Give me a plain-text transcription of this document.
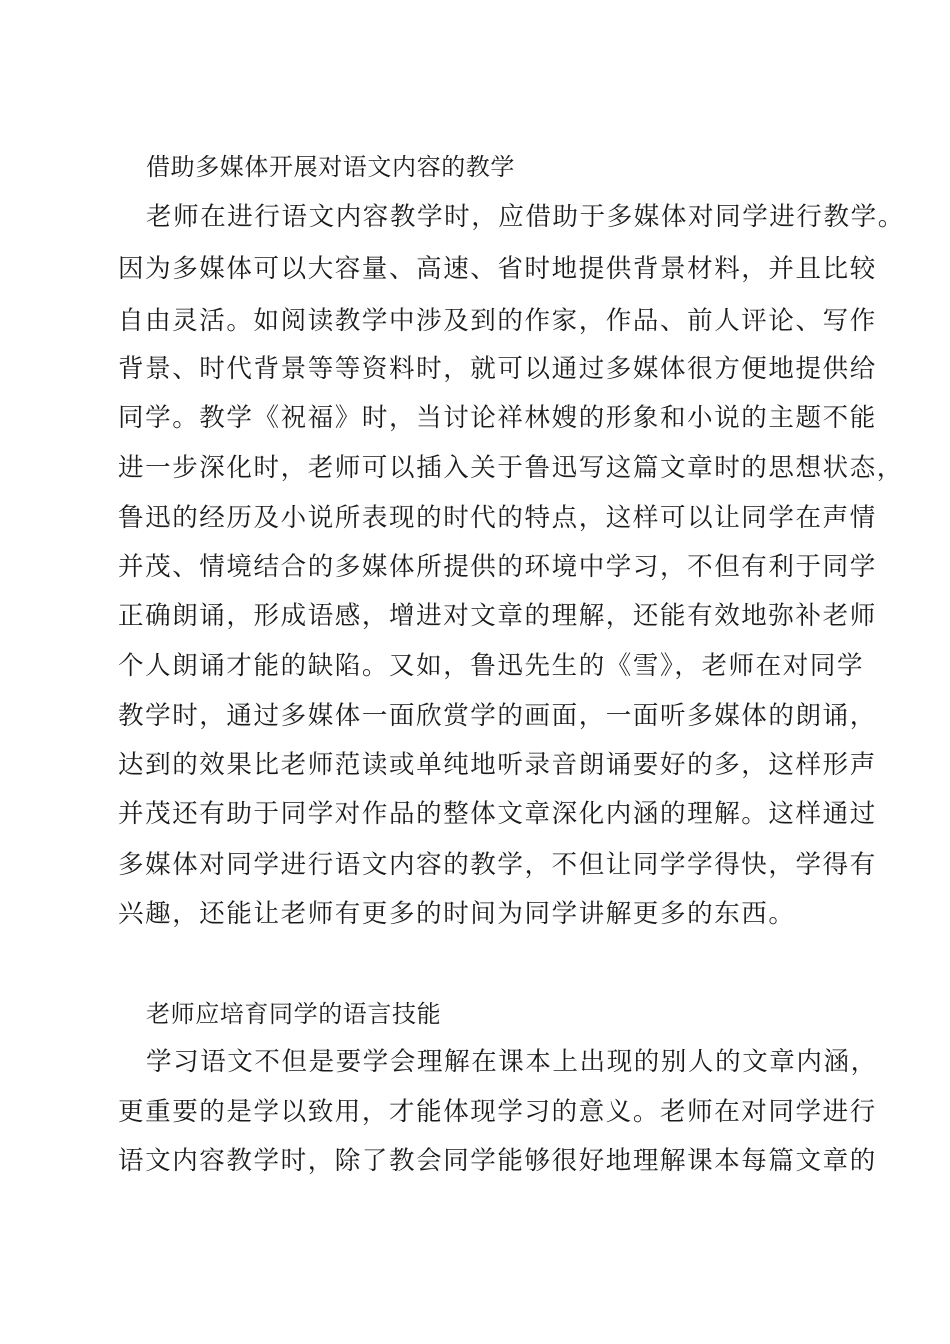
借助多媒体开展对语文内容的教学
老师在进行语文内容教学时，应借助于多媒体对同学进行教学。
因为多媒体可以大容量、高速、省时地提供背景材料，并且比较
自由灵活。如阅读教学中涉及到的作家，作品、前人评论、写作
背景、时代背景等等资料时，就可以通过多媒体很方便地提供给
同学。教学《祝福》时，当讨论祥林嫂的形象和小说的主题不能
进一步深化时，老师可以插入关于鲁迅写这篇文章时的思想状态，
鲁迅的经历及小说所表现的时代的特点，这样可以让同学在声情
并茂、情境结合的多媒体所提供的环境中学习，不但有利于同学
正确朗诵，形成语感，增进对文章的理解，还能有效地弥补老师
个人朗诵才能的缺陷。又如，鲁迅先生的《雪》，老师在对同学
教学时，通过多媒体一面欣赏学的画面，一面听多媒体的朗诵，
达到的效果比老师范读或单纯地听录音朗诵要好的多，这样形声
并茂还有助于同学对作品的整体文章深化内涵的理解。这样通过
多媒体对同学进行语文内容的教学，不但让同学学得快，学得有
兴趣，还能让老师有更多的时间为同学讲解更多的东西。
老师应培育同学的语言技能
学习语文不但是要学会理解在课本上出现的别人的文章内涵，
更重要的是学以致用，才能体现学习的意义。老师在对同学进行
语文内容教学时，除了教会同学能够很好地理解课本每篇文章的
